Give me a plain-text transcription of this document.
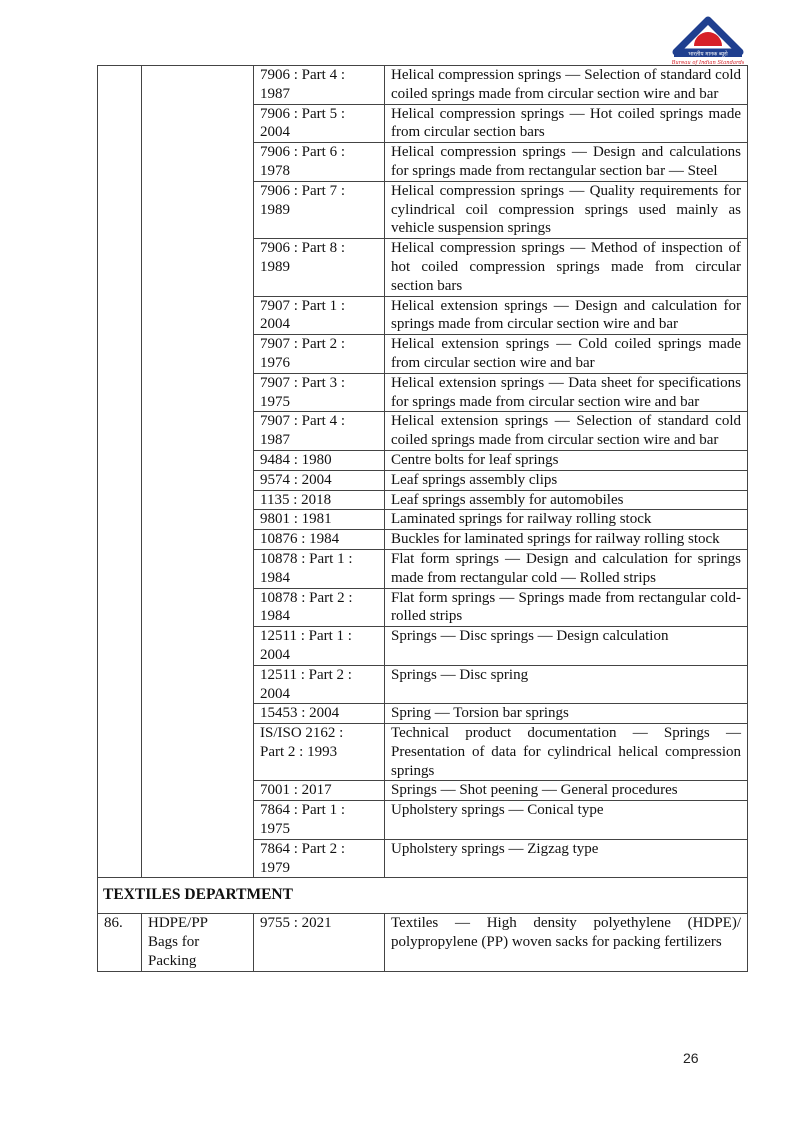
भारतीय मानक ब्यूरो
Bureau of Indian Standards
		7906 : Part 4 :
1987	Helical compression springs — Selection of standard cold coiled springs made from circular section wire and bar
		7906 : Part 5 :
2004	Helical compression springs — Hot coiled springs made from circular section bars
		7906 : Part 6 :
1978	Helical compression springs — Design and calculations for springs made from rectangular section bar — Steel
		7906 : Part 7 :
1989	Helical compression springs — Quality requirements for cylindrical coil compression springs used mainly as vehicle suspension springs
		7906 : Part 8 :
1989	Helical compression springs — Method of inspection of hot coiled compression springs made from circular section bars
		7907 : Part 1 :
2004	Helical extension springs — Design and calculation for springs made from circular section wire and bar
		7907 : Part 2 :
1976	Helical extension springs — Cold coiled springs made from circular section wire and bar
		7907 : Part 3 :
1975	Helical extension springs — Data sheet for specifications for springs made from circular section wire and bar
		7907 : Part 4 :
1987	Helical extension springs — Selection of standard cold coiled springs made from circular section wire and bar
		9484 : 1980	Centre bolts for leaf springs
		9574 : 2004	Leaf springs assembly clips
		1135 : 2018	Leaf springs assembly for automobiles
		9801 : 1981	Laminated springs for railway rolling stock
		10876 : 1984	Buckles for laminated springs for railway rolling stock
		10878 : Part 1 :
1984	Flat form springs — Design and calculation for springs made from rectangular cold — Rolled strips
		10878 : Part 2 :
1984	Flat form springs — Springs made from rectangular cold-rolled strips
		12511 : Part 1 :
2004	Springs — Disc springs — Design calculation
		12511 : Part 2 :
2004	Springs — Disc spring
		15453 : 2004	Spring — Torsion bar springs
		IS/ISO 2162 :
Part 2 : 1993	Technical product documentation — Springs — Presentation of data for cylindrical helical compression springs
		7001 : 2017	Springs — Shot peening — General procedures
		7864 : Part 1 :
1975	Upholstery springs — Conical type
		7864 : Part 2 :
1979	Upholstery springs — Zigzag type
TEXTILES DEPARTMENT			
86.	HDPE/PP
Bags for
Packing	9755 : 2021	Textiles — High density polyethylene (HDPE)/ polypropylene (PP) woven sacks for packing fertilizers
26
